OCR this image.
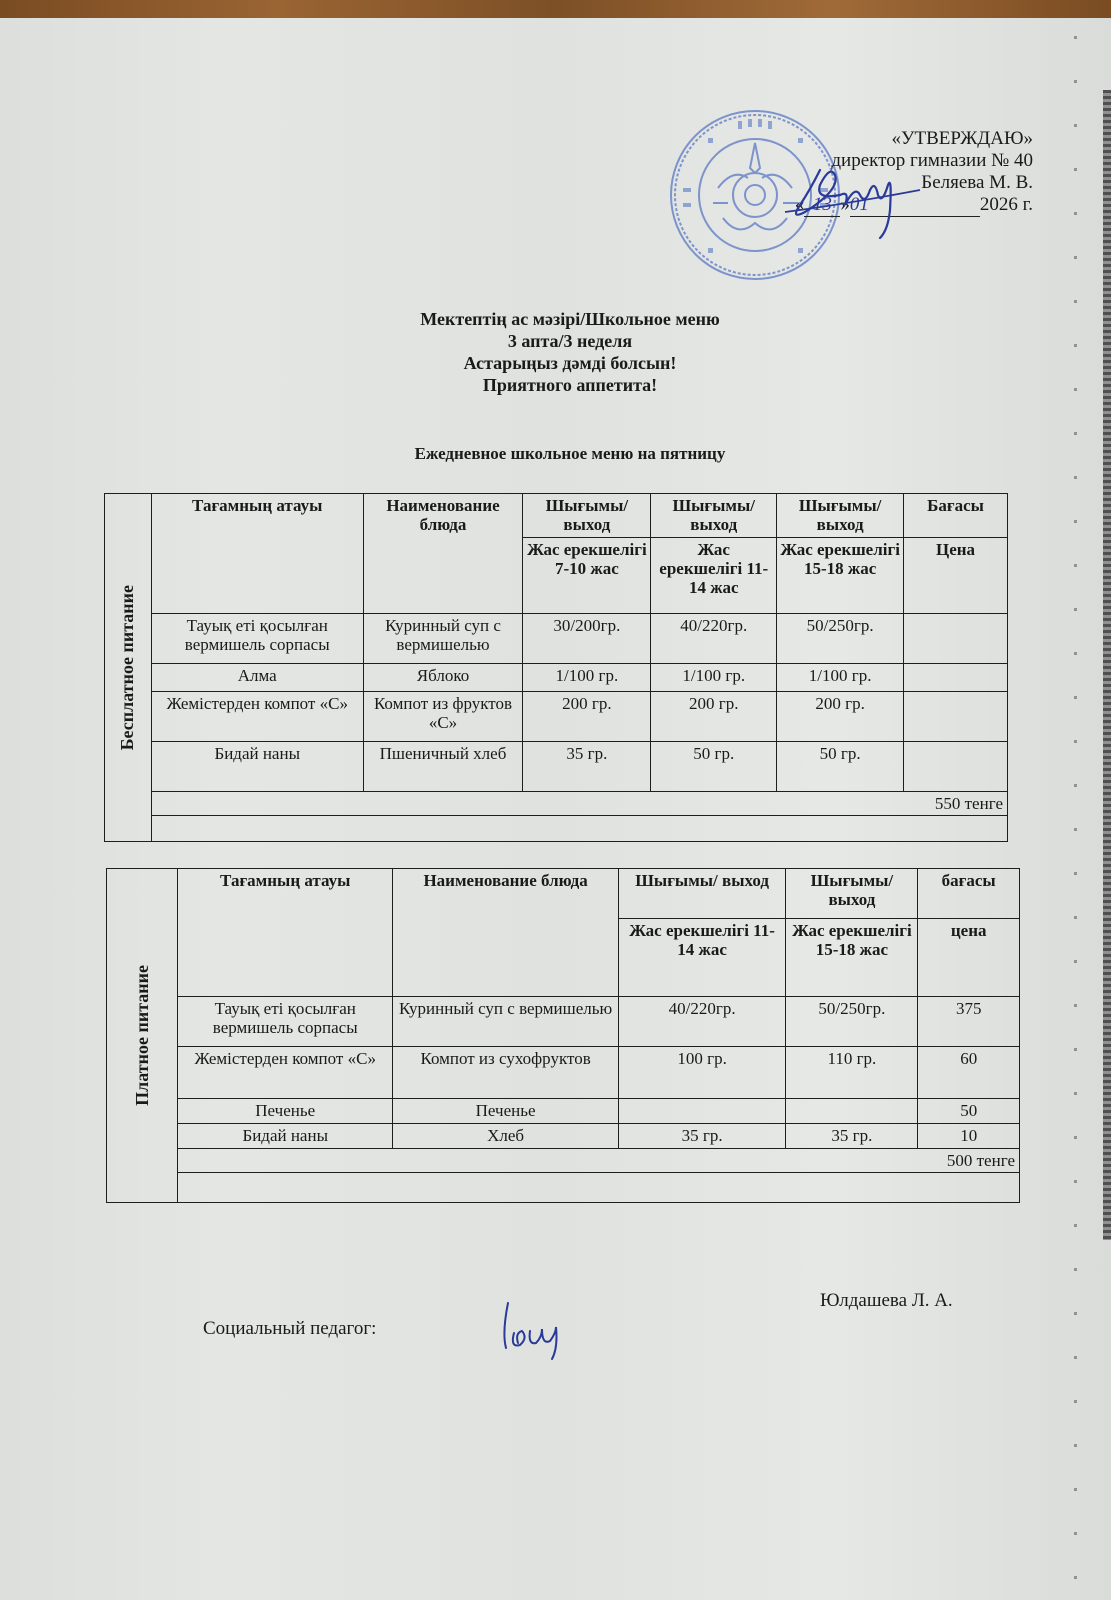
«УТВЕРЖДАЮ»
директор гимназии № 40
Беляева М. В.
«13»01	2026 г.
Мектептің ас мәзірі/Школьное меню
3 апта/3 неделя
Астарыңыз дәмді болсын!
Приятного аппетита!
Ежедневное школьное меню на пятницу
Бесплатное питание	Тағамның атауы	Наименование блюда	Шығымы/ выход	Шығымы/ выход	Шығымы/ выход	Бағасы
			Жас ерекшелігі 7-10 жас	Жас ерекшелігі 11-14 жас	Жас ерекшелігі 15-18 жас	Цена
	Тауық еті қосылған вермишель сорпасы	Куринный суп с вермишелью	30/200гр.	40/220гр.	50/250гр.	
	Алма	Яблоко	1/100 гр.	1/100 гр.	1/100 гр.	
	Жемістерден компот «С»	Компот из фруктов «С»	200 гр.	200 гр.	200 гр.	
	Бидай наны	Пшеничный хлеб	35 гр.	50 гр.	50 гр.	
	550 тенге					

Платное питание	Тағамның атауы	Наименование блюда	Шығымы/ выход	Шығымы/ выход	бағасы
			Жас ерекшелігі 11-14 жас	Жас ерекшелігі 15-18 жас	цена
	Тауық еті қосылған вермишель сорпасы	Куринный суп с вермишелью	40/220гр.	50/250гр.	375
	Жемістерден компот «С»	Компот из сухофруктов	100 гр.	110 гр.	60
	Печенье	Печенье			50
	Бидай наны	Хлеб	35 гр.	35 гр.	10
	500 тенге				

Социальный педагог:
Юлдашева Л. А.
